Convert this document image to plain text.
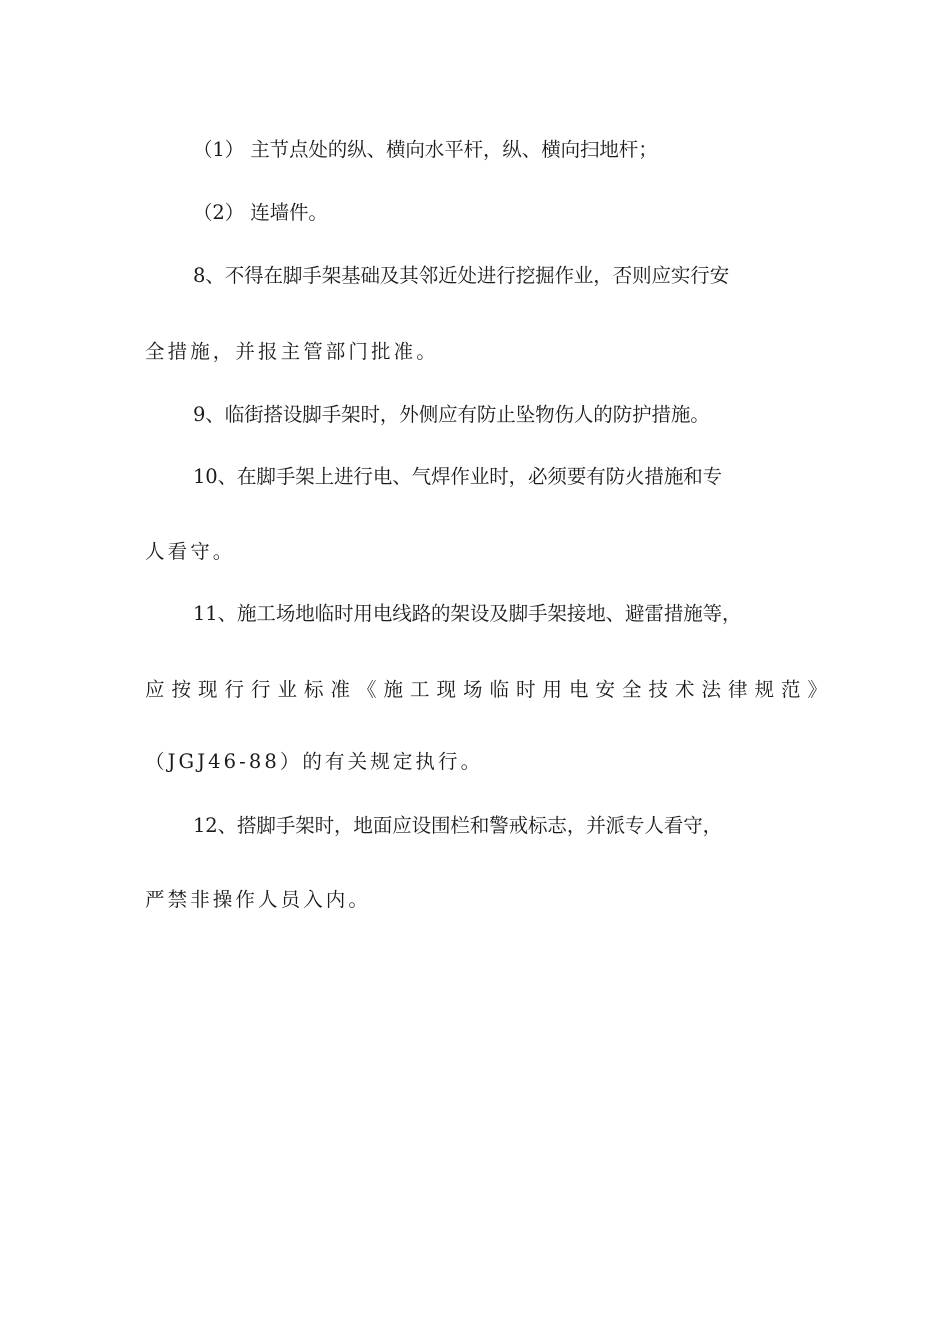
（1） 主节点处的纵、横向水平杆，纵、横向扫地杆；
（2） 连墙件。
8、不得在脚手架基础及其邻近处进行挖掘作业，否则应实行安
全措施，并报主管部门批准。
9、临街搭设脚手架时，外侧应有防止坠物伤人的防护措施。
10、在脚手架上进行电、气焊作业时，必须要有防火措施和专
人看守。
11、施工场地临时用电线路的架设及脚手架接地、避雷措施等，
应按现行行业标准《施工现场临时用电安全技术法律规范》
（JGJ46-88）的有关规定执行。
12、搭脚手架时，地面应设围栏和警戒标志，并派专人看守，
严禁非操作人员入内。
